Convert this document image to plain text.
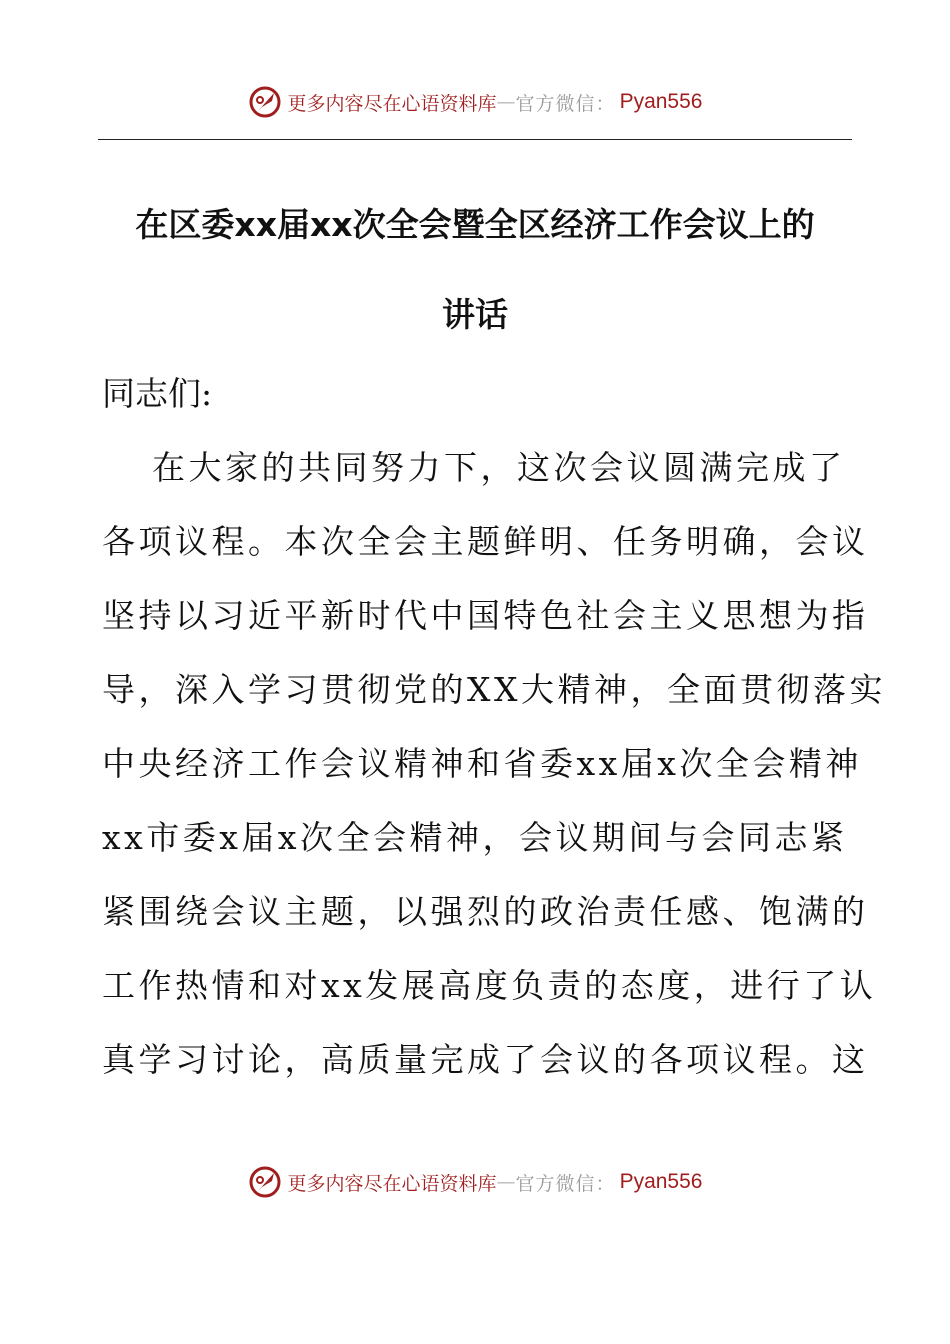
更多内容尽在心语资料库 — 官方微信： Pyan556
在区委xx届xx次全会暨全区经济工作会议上的
讲话

同志们:

在大家的共同努力下，这次会议圆满完成了
各项议程。本次全会主题鲜明、任务明确，会议
坚持以习近平新时代中国特色社会主义思想为指
导，深入学习贯彻党的XX大精神，全面贯彻落实
中央经济工作会议精神和省委xx届x次全会精神
xx市委x届x次全会精神，会议期间与会同志紧
紧围绕会议主题，以强烈的政治责任感、饱满的
工作热情和对xx发展高度负责的态度，进行了认
真学习讨论，高质量完成了会议的各项议程。这

更多内容尽在心语资料库 — 官方微信： Pyan556
